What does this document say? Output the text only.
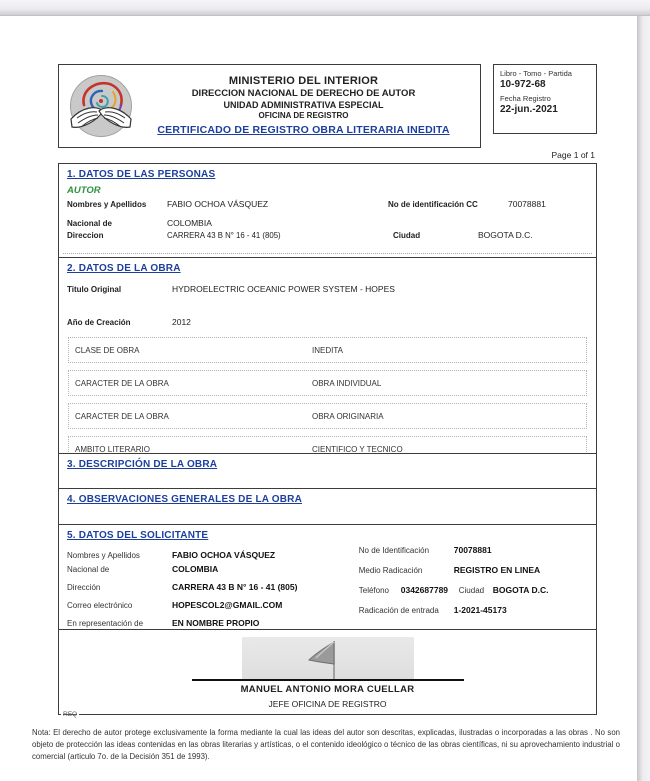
MINISTERIO DEL INTERIOR
DIRECCION NACIONAL DE DERECHO DE AUTOR
UNIDAD ADMINISTRATIVA ESPECIAL
OFICINA DE REGISTRO
CERTIFICADO DE REGISTRO OBRA LITERARIA INEDITA
Libro - Tomo - Partida
10-972-68
Fecha Registro
22-jun.-2021
Page 1 of 1
1. DATOS DE LAS PERSONAS
AUTOR
Nombres y Apellidos	FABIO OCHOA VÁSQUEZ	No de identificación CC	70078881
Nacional de	COLOMBIA
Direccion	CARRERA 43 B N° 16 - 41 (805)	Ciudad	BOGOTA D.C.
2. DATOS DE LA OBRA
Titulo Original	HYDROELECTRIC OCEANIC POWER SYSTEM - HOPES
Año de Creación	2012
CLASE DE OBRA	INEDITA
CARACTER DE LA OBRA	OBRA INDIVIDUAL
CARACTER DE LA OBRA	OBRA ORIGINARIA
AMBITO LITERARIO	CIENTIFICO Y TECNICO
3. DESCRIPCIÓN DE LA OBRA
4. OBSERVACIONES GENERALES DE LA OBRA
5. DATOS DEL SOLICITANTE
Nombres y Apellidos	FABIO OCHOA VÁSQUEZ
Nacional de	COLOMBIA
Dirección	CARRERA 43 B N° 16 - 41 (805)
Correo electrónico	HOPESCOL2@GMAIL.COM
En representación de	EN NOMBRE PROPIO
No de Identificación	70078881
Medio Radicación	REGISTRO EN LINEA
Teléfono	0342687789	Ciudad	BOGOTA D.C.
Radicación de entrada	1-2021-45173
MANUEL ANTONIO MORA CUELLAR
JEFE OFICINA DE REGISTRO
REQ
Nota: El derecho de autor protege exclusivamente la forma mediante la cual las ideas del autor son descritas, explicadas, ilustradas o incorporadas a las obras . No son objeto de protección las ideas contenidas en las obras literarias y artísticas, o el contenido ideológico o técnico de las obras científicas, ni su aprovechamiento industrial o comercial (articulo 7o. de la Decisión 351 de 1993).
